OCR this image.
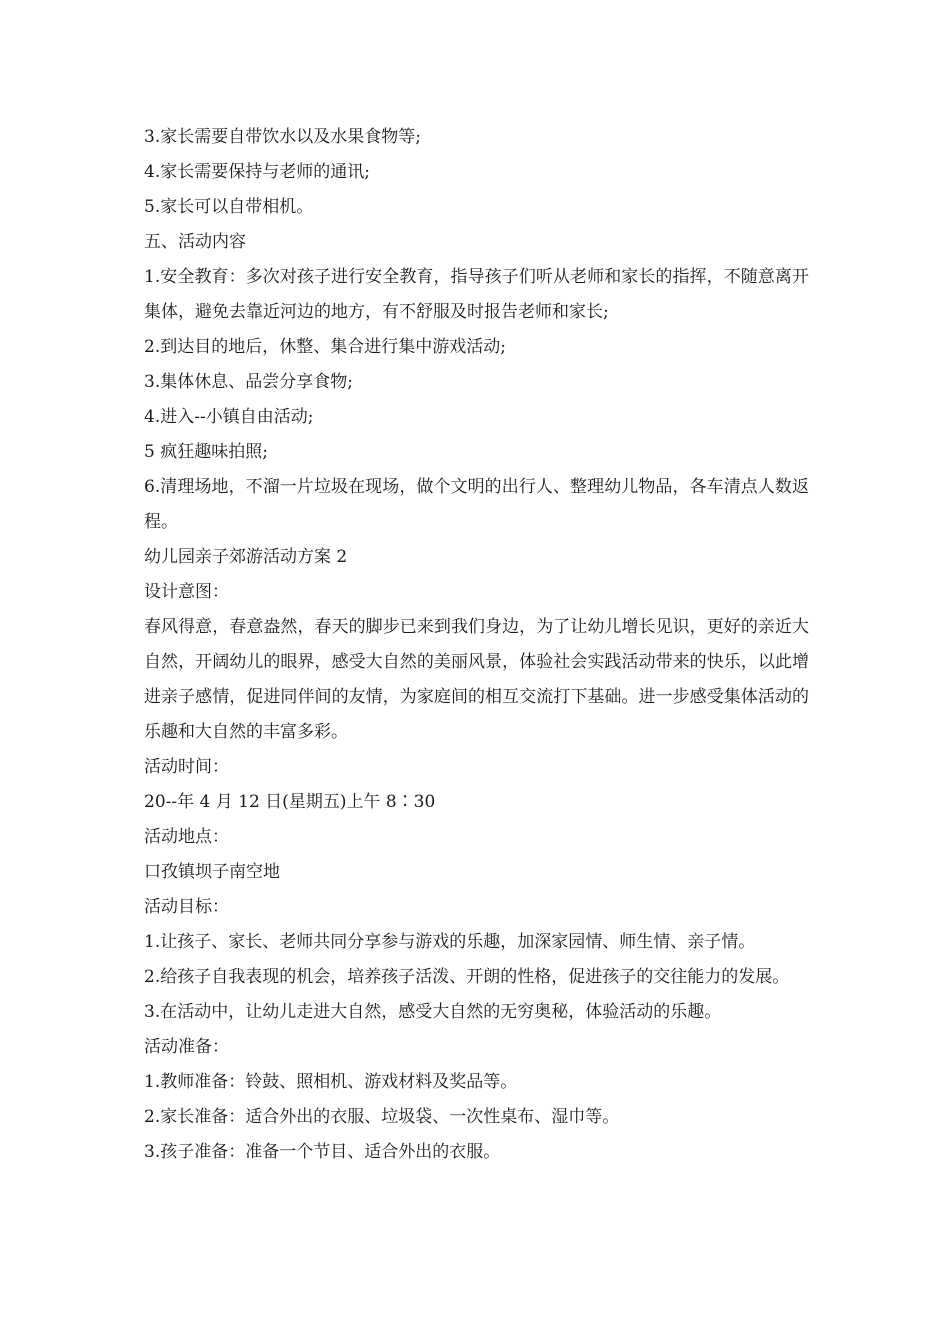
3.家长需要自带饮水以及水果食物等;

4.家长需要保持与老师的通讯;

5.家长可以自带相机。

五、活动内容

1.安全教育：多次对孩子进行安全教育，指导孩子们听从老师和家长的指挥，不随意离开集体，避免去靠近河边的地方，有不舒服及时报告老师和家长;

2.到达目的地后，休整、集合进行集中游戏活动;

3.集体休息、品尝分享食物;

4.进入--小镇自由活动;

5 疯狂趣味拍照;

6.清理场地，不溜一片垃圾在现场，做个文明的出行人、整理幼儿物品，各车清点人数返程。

幼儿园亲子郊游活动方案 2

设计意图：

春风得意，春意盎然，春天的脚步已来到我们身边，为了让幼儿增长见识，更好的亲近大自然，开阔幼儿的眼界，感受大自然的美丽风景，体验社会实践活动带来的快乐，以此增进亲子感情，促进同伴间的友情，为家庭间的相互交流打下基础。进一步感受集体活动的乐趣和大自然的丰富多彩。

活动时间：

20--年 4 月 12 日(星期五)上午 8∶30

活动地点：

口孜镇坝子南空地

活动目标：

1.让孩子、家长、老师共同分享参与游戏的乐趣，加深家园情、师生情、亲子情。

2.给孩子自我表现的机会，培养孩子活泼、开朗的性格，促进孩子的交往能力的发展。

3.在活动中，让幼儿走进大自然，感受大自然的无穷奥秘，体验活动的乐趣。

活动准备：

1.教师准备：铃鼓、照相机、游戏材料及奖品等。

2.家长准备：适合外出的衣服、垃圾袋、一次性桌布、湿巾等。

3.孩子准备：准备一个节目、适合外出的衣服。
